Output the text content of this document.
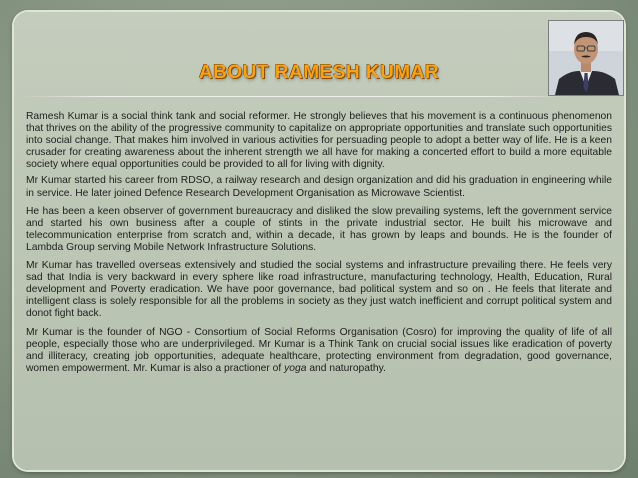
ABOUT RAMESH KUMAR

Ramesh Kumar is a social think tank and social reformer. He strongly believes that his movement is a continuous phenomenon that thrives on the ability of the progressive community to capitalize on appropriate opportunities and translate such opportunities into social change. That makes him involved in various activities for persuading people to adopt a better way of life. He is a keen crusader for creating awareness about the inherent strength we all have for making a concerted effort to build a more equitable society where equal opportunities could be provided to all for living with dignity.

Mr Kumar started his career from RDSO, a railway research and design organization and did his graduation in engineering while in service. He later joined Defence Research Development Organisation as Microwave Scientist.

He has been a keen observer of government bureaucracy and disliked the slow prevailing systems, left the government service and started his own business after a couple of stints in the private industrial sector. He built his microwave and telecommunication enterprise from scratch and, within a decade, it has grown by leaps and bounds. He is the founder of Lambda Group serving Mobile Network Infrastructure Solutions.

Mr Kumar has travelled overseas extensively and studied the social systems and infrastructure prevailing there. He feels very sad that India is very backward in every sphere like road infrastructure, manufacturing technology, Health, Education, Rural development and Poverty eradication. We have poor governance, bad political system and so on . He feels that literate and intelligent class is solely responsible for all the problems in society as they just watch inefficient and corrupt political system and donot fight back.

Mr Kumar is the founder of NGO - Consortium of Social Reforms Organisation (Cosro) for improving the quality of life of all people, especially those who are underprivileged. Mr Kumar is a Think Tank on crucial social issues like eradication of poverty and illiteracy, creating job opportunities, adequate healthcare, protecting environment from degradation, good governance, women empowerment. Mr. Kumar is also a practioner of yoga and naturopathy.
